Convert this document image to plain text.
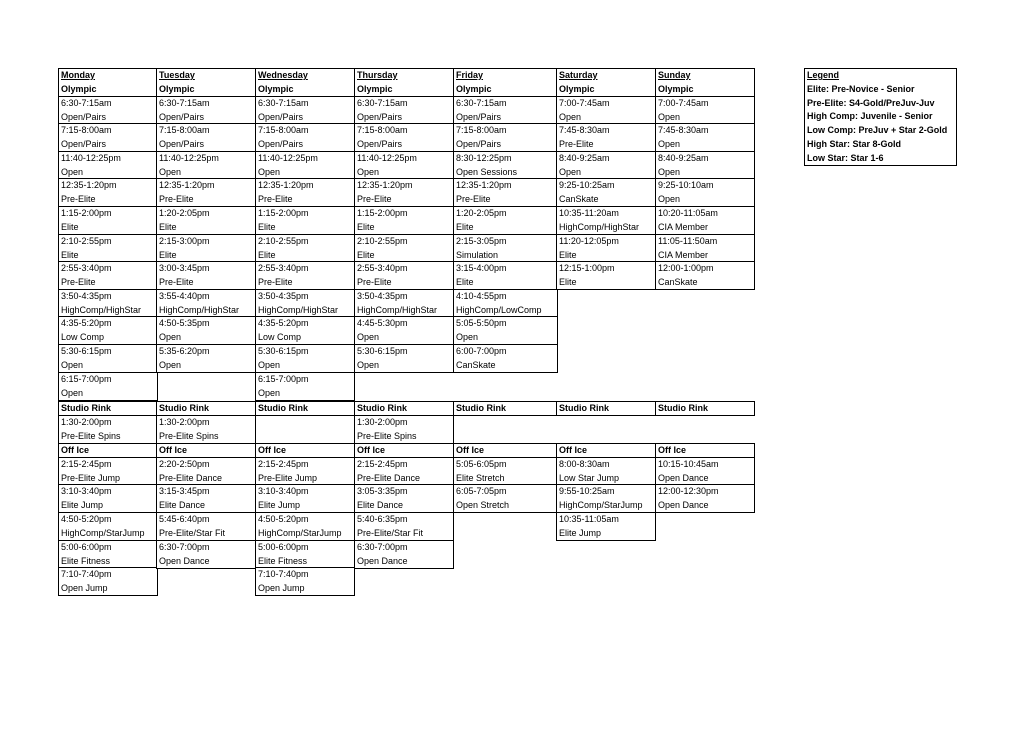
Monday
Olympic
6:30-7:15am
Open/Pairs
7:15-8:00am
Open/Pairs
11:40-12:25pm
Open
12:35-1:20pm
Pre-Elite
1:15-2:00pm
Elite
2:10-2:55pm
Elite
2:55-3:40pm
Pre-Elite
3:50-4:35pm
HighComp/HighStar
4:35-5:20pm
Low Comp
5:30-6:15pm
Open
6:15-7:00pm
Open
Studio Rink
1:30-2:00pm
Pre-Elite Spins
Off Ice
2:15-2:45pm
Pre-Elite Jump
3:10-3:40pm
Elite Jump
4:50-5:20pm
HighComp/StarJump
5:00-6:00pm
Elite Fitness
7:10-7:40pm
Open Jump
Tuesday
Olympic
6:30-7:15am
Open/Pairs
7:15-8:00am
Open/Pairs
11:40-12:25pm
Open
12:35-1:20pm
Pre-Elite
1:20-2:05pm
Elite
2:15-3:00pm
Elite
3:00-3:45pm
Pre-Elite
3:55-4:40pm
HighComp/HighStar
4:50-5:35pm
Open
5:35-6:20pm
Open
Studio Rink
1:30-2:00pm
Pre-Elite Spins
Off Ice
2:20-2:50pm
Pre-Elite Dance
3:15-3:45pm
Elite Dance
5:45-6:40pm
Pre-Elite/Star Fit
6:30-7:00pm
Open Dance
Wednesday
Olympic
6:30-7:15am
Open/Pairs
7:15-8:00am
Open/Pairs
11:40-12:25pm
Open
12:35-1:20pm
Pre-Elite
1:15-2:00pm
Elite
2:10-2:55pm
Elite
2:55-3:40pm
Pre-Elite
3:50-4:35pm
HighComp/HighStar
4:35-5:20pm
Low Comp
5:30-6:15pm
Open
6:15-7:00pm
Open
Studio Rink
Off Ice
2:15-2:45pm
Pre-Elite Jump
3:10-3:40pm
Elite Jump
4:50-5:20pm
HighComp/StarJump
5:00-6:00pm
Elite Fitness
7:10-7:40pm
Open Jump
Thursday
Olympic
6:30-7:15am
Open/Pairs
7:15-8:00am
Open/Pairs
11:40-12:25pm
Open
12:35-1:20pm
Pre-Elite
1:15-2:00pm
Elite
2:10-2:55pm
Elite
2:55-3:40pm
Pre-Elite
3:50-4:35pm
HighComp/HighStar
4:45-5:30pm
Open
5:30-6:15pm
Open
Studio Rink
1:30-2:00pm
Pre-Elite Spins
Off Ice
2:15-2:45pm
Pre-Elite Dance
3:05-3:35pm
Elite Dance
5:40-6:35pm
Pre-Elite/Star Fit
6:30-7:00pm
Open Dance
Friday
Olympic
6:30-7:15am
Open/Pairs
7:15-8:00am
Open/Pairs
8:30-12:25pm
Open Sessions
12:35-1:20pm
Pre-Elite
1:20-2:05pm
Elite
2:15-3:05pm
Simulation
3:15-4:00pm
Elite
4:10-4:55pm
HighComp/LowComp
5:05-5:50pm
Open
6:00-7:00pm
CanSkate
Studio Rink
Off Ice
5:05-6:05pm
Elite Stretch
6:05-7:05pm
Open Stretch
Saturday
Olympic
7:00-7:45am
Open
7:45-8:30am
Pre-Elite
8:40-9:25am
Open
9:25-10:25am
CanSkate
10:35-11:20am
HighComp/HighStar
11:20-12:05pm
Elite
12:15-1:00pm
Elite
Studio Rink
Off Ice
8:00-8:30am
Low Star Jump
9:55-10:25am
HighComp/StarJump
10:35-11:05am
Elite Jump
Sunday
Olympic
7:00-7:45am
Open
7:45-8:30am
Open
8:40-9:25am
Open
9:25-10:10am
Open
10:20-11:05am
CIA Member
11:05-11:50am
CIA Member
12:00-1:00pm
CanSkate
Studio Rink
Off Ice
10:15-10:45am
Open Dance
12:00-12:30pm
Open Dance
Legend
Elite: Pre-Novice - Senior
Pre-Elite: S4-Gold/PreJuv-Juv
High Comp: Juvenile - Senior
Low Comp: PreJuv + Star 2-Gold
High Star: Star 8-Gold
Low Star: Star 1-6
